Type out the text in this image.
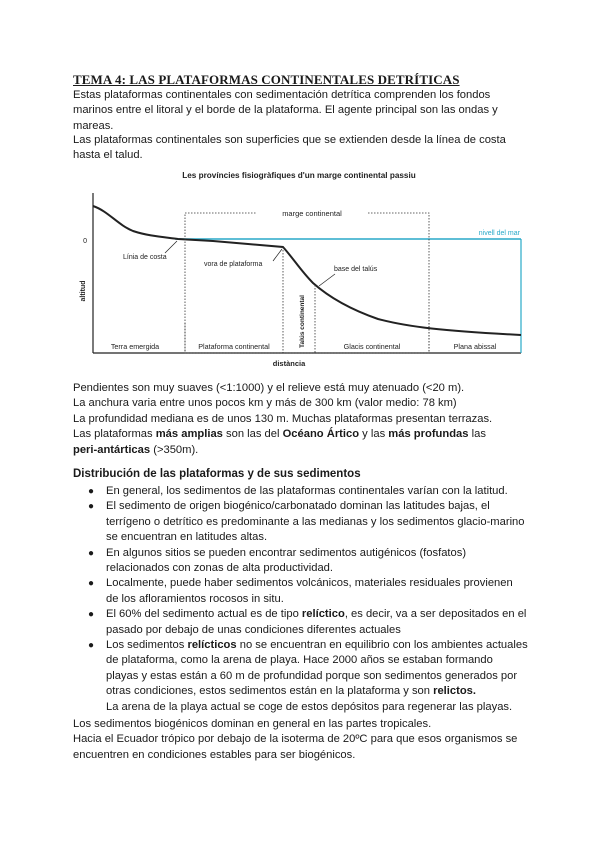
TEMA 4: LAS PLATAFORMAS CONTINENTALES DETRÍTICAS
Estas plataformas continentales con sedimentación detrítica comprenden los fondos
marinos entre el litoral y el borde de la plataforma. El agente principal son las ondas y
mareas.
Las plataformas continentales son superficies que se extienden desde la línea de costa
hasta el talud.
Les províncies fisiogràfiques d'un marge continental passiu
0
altitud
distància
nivell del mar
marge continental
Línia de costa
vora de plataforma
base del talús
Talús continental
Terra emergida	Plataforma continental	Glacis continental	Plana abissal
Pendientes son muy suaves (<1:1000) y el relieve está muy atenuado (<20 m).
La anchura varia entre unos pocos km y más de 300 km (valor medio: 78 km)
La profundidad mediana es de unos 130 m. Muchas plataformas presentan terrazas.
Las plataformas más amplias son las del Océano Ártico y las más profundas las
peri-antárticas (>350m).
Distribución de las plataformas y de sus sedimentos
● En general, los sedimentos de las plataformas continentales varían con la latitud.
● El sedimento de origen biogénico/carbonatado dominan las latitudes bajas, el terrígeno o detrítico es predominante a las medianas y los sedimentos glacio-marino se encuentran en latitudes altas.
● En algunos sitios se pueden encontrar sedimentos autigénicos (fosfatos) relacionados con zonas de alta productividad.
● Localmente, puede haber sedimentos volcánicos, materiales residuales provienen de los afloramientos rocosos in situ.
● El 60% del sedimento actual es de tipo relíctico, es decir, va a ser depositados en el pasado por debajo de unas condiciones diferentes actuales
● Los sedimentos relícticos no se encuentran en equilibrio con los ambientes actuales de plataforma, como la arena de playa. Hace 2000 años se estaban formando playas y estas están a 60 m de profundidad porque son sedimentos generados por otras condiciones, estos sedimentos están en la plataforma y son relictos.
La arena de la playa actual se coge de estos depósitos para regenerar las playas.
Los sedimentos biogénicos dominan en general en las partes tropicales.
Hacia el Ecuador trópico por debajo de la isoterma de 20ºC para que esos organismos se
encuentren en condiciones estables para ser biogénicos.
